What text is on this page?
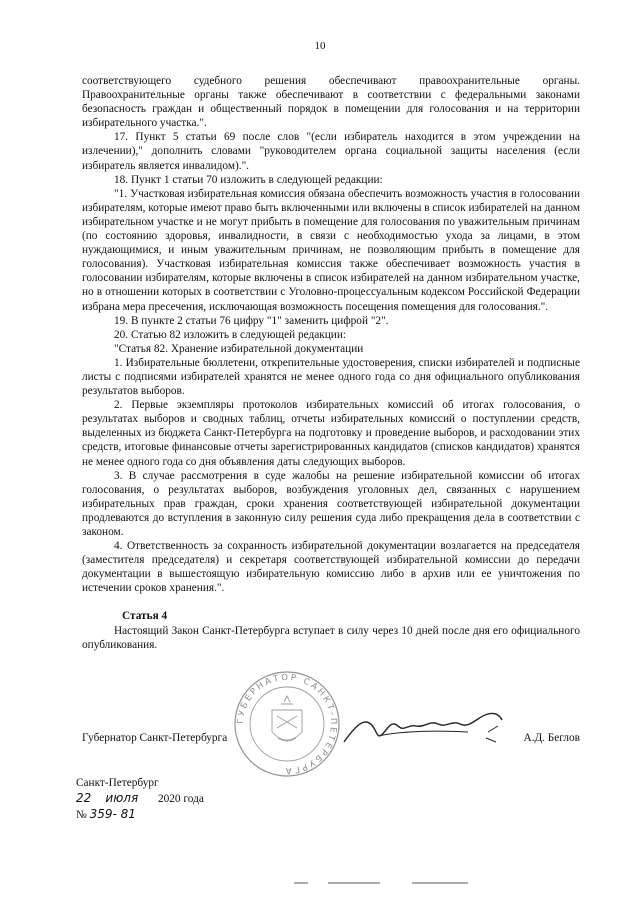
10

соответствующего судебного решения обеспечивают правоохранительные органы. Правоохранительные органы также обеспечивают в соответствии с федеральными законами безопасность граждан и общественный порядок в помещении для голосования и на территории избирательного участка.".

17. Пункт 5 статьи 69 после слов "(если избиратель находится в этом учреждении на излечении)," дополнить словами "руководителем органа социальной защиты населения (если избиратель является инвалидом).".

18. Пункт 1 статьи 70 изложить в следующей редакции:

"1. Участковая избирательная комиссия обязана обеспечить возможность участия в голосовании избирателям, которые имеют право быть включенными или включены в список избирателей на данном избирательном участке и не могут прибыть в помещение для голосования по уважительным причинам (по состоянию здоровья, инвалидности, в связи с необходимостью ухода за лицами, в этом нуждающимися, и иным уважительным причинам, не позволяющим прибыть в помещение для голосования). Участковая избирательная комиссия также обеспечивает возможность участия в голосовании избирателям, которые включены в список избирателей на данном избирательном участке, но в отношении которых в соответствии с Уголовно-процессуальным кодексом Российской Федерации избрана мера пресечения, исключающая возможность посещения помещения для голосования.".

19. В пункте 2 статьи 76 цифру "1" заменить цифрой "2".

20. Статью 82 изложить в следующей редакции:

"Статья 82. Хранение избирательной документации

1. Избирательные бюллетени, открепительные удостоверения, списки избирателей и подписные листы с подписями избирателей хранятся не менее одного года со дня официального опубликования результатов выборов.

2. Первые экземпляры протоколов избирательных комиссий об итогах голосования, о результатах выборов и сводных таблиц, отчеты избирательных комиссий о поступлении средств, выделенных из бюджета Санкт-Петербурга на подготовку и проведение выборов, и расходовании этих средств, итоговые финансовые отчеты зарегистрированных кандидатов (списков кандидатов) хранятся не менее одного года со дня объявления даты следующих выборов.

3. В случае рассмотрения в суде жалобы на решение избирательной комиссии об итогах голосования, о результатах выборов, возбуждения уголовных дел, связанных с нарушением избирательных прав граждан, сроки хранения соответствующей избирательной документации продлеваются до вступления в законную силу решения суда либо прекращения дела в соответствии с законом.

4. Ответственность за сохранность избирательной документации возлагается на председателя (заместителя председателя) и секретаря соответствующей избирательной комиссии до передачи документации в вышестоящую избирательную комиссию либо в архив или ее уничтожения по истечении сроков хранения.".

Статья 4

Настоящий Закон Санкт-Петербурга вступает в силу через 10 дней после дня его официального опубликования.

Губернатор Санкт-Петербурга	А.Д. Беглов
ГУБЕРНАТОР САНКТ-ПЕТЕРБУРГА
Санкт-Петербург
22 июля 2020 года
№ 359- 81
